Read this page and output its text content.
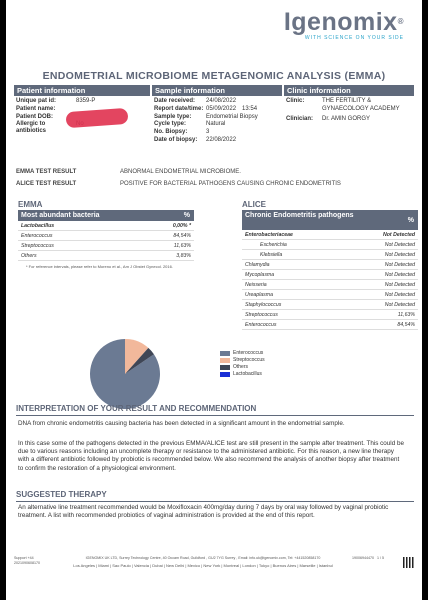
Igenomix®
WITH SCIENCE ON YOUR SIDE
ENDOMETRIAL MICROBIOME METAGENOMIC ANALYSIS (EMMA)
Patient information	Sample information	Clinic information
Unique pat id:	8359-P
Patient name:
Patient DOB:
Allergic to antibiotics
Date received: 24/08/2022
Report date/time: 05/09/2022 13:54
Sample type: Endometrial Biopsy
Cycle type:	Natural
No. Biopsy:	3
Date of biopsy: 22/08/2022
Clinic:	THE FERTILITY & GYNAECOLOGY ACADEMY
Clinician:	Dr. AMIN GORGY
EMMA TEST RESULT	ABNORMAL ENDOMETRIAL MICROBIOME.
ALICE TEST RESULT	POSITIVE FOR BACTERIAL PATHOGENS CAUSING CHRONIC ENDOMETRITIS
EMMA
Most abundant bacteria	%
Lactobacillus	0,00% *
Enterococcus	84,54%
Streptococcus	11,63%
Others	3,83%
* For reference intervals, please refer to Moreno et al., Am J Obstet Gynecol. 2016.
ALICE
Chronic Endometritis pathogens
%
Enterobacteriaceae	Not Detected
Escherichia	Not Detected
Klebsiella	Not Detected
Chlamydia	Not Detected
Mycoplasma	Not Detected
Neisseria	Not Detected
Ureaplasma	Not Detected
Staphylococcus	Not Detected
Streptococcus	11,63%
Enterococcus	84,54%
Enterococcus
Streptococcus
Others
Lactobacillus
INTERPRETATION OF YOUR RESULT AND RECOMMENDATION
DNA from chronic endometritis causing bacteria has been detected in a significant amount in the endometrial sample.
In this case some of the pathogens detected in the previous EMMA/ALICE test are still present in the sample after treatment. This could be due to various reasons including an uncomplete therapy or resistance to the administered antibiotic. For this reason, a new line therapy with a different antibiotic followed by probiotic is recommended below. We also recommend the analysis of another biopsy after treatment to confirm the restoration of a physiological environment.
SUGGESTED THERAPY
An alternative line treatment recommended would be Moxifloxacin 400mg/day during 7 days by oral way followed by vaginal probiotic treatment. A list with recommended probiotics of vaginal administration is provided at the end of this report.
Support +44
2021090608170
IGENOMIX UK LTD, Surrey Technology Centre, 40 Occam Road, Guildford , GU2 7YG Surrey , Email: info.uk@igenomix.com, Tel: +441520858170
Los Angeles | Miami | Sao Paulo | Valencia | Dubai | New Delhi | Mexico | New York | Montreal | London | Tokyo | Buenos Aires | Marseille | Istanbul
19006944470 1 / 5
